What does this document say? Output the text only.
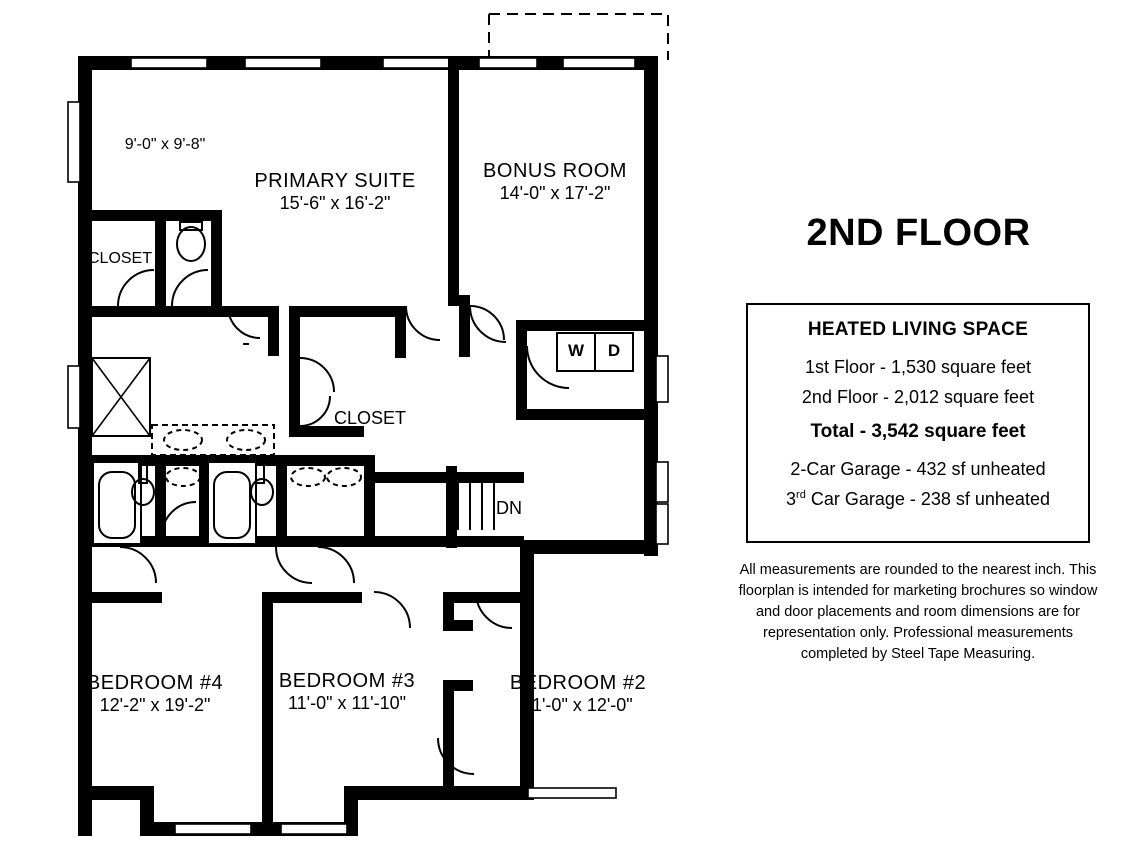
9'-0" x 9'-8"
PRIMARY SUITE
15'-6" x 16'-2"
BONUS ROOM
14'-0" x 17'-2"
CLOSET
CLOSET
BEDROOM #4
12'-2" x 19'-2"
BEDROOM #3
11'-0" x 11'-10"
BEDROOM #2
11'-0" x 12'-0"
DN
W	D
2ND FLOOR
HEATED LIVING SPACE
1st Floor - 1,530 square feet
2nd Floor - 2,012 square feet
Total - 3,542 square feet
2-Car Garage - 432 sf unheated
3rd Car Garage - 238 sf unheated
All measurements are rounded to the nearest inch. This floorplan is intended for marketing brochures so window and door placements and room dimensions are for representation only. Professional measurements completed by Steel Tape Measuring.
